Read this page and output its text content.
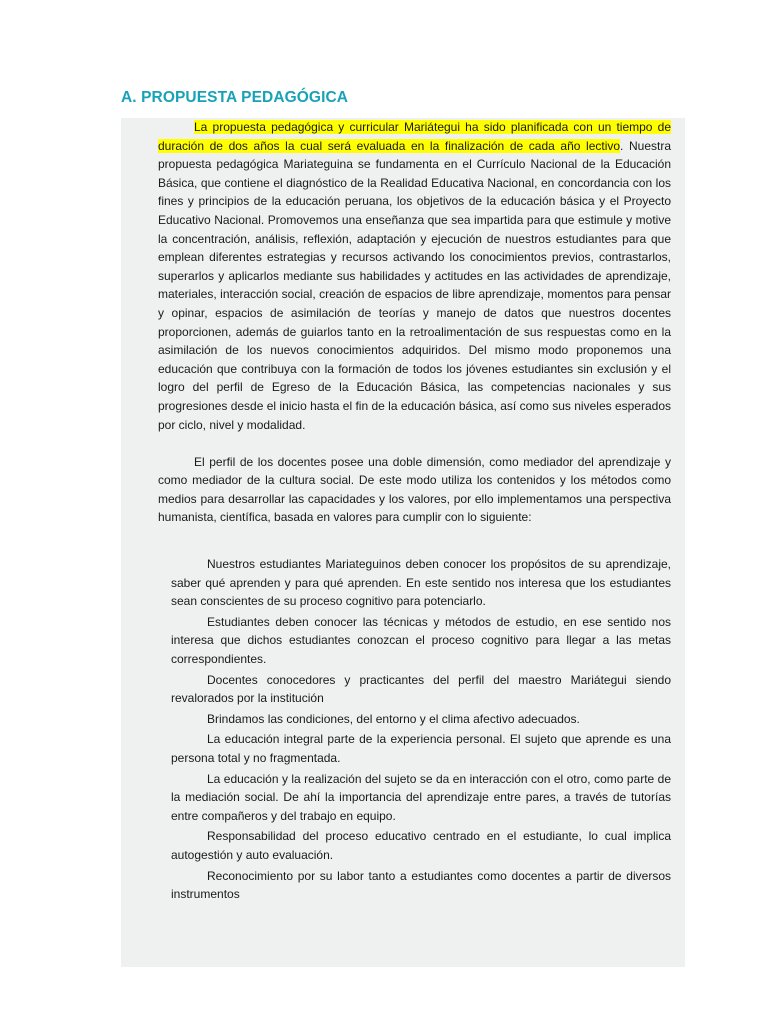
A. PROPUESTA PEDAGÓGICA

La propuesta pedagógica y curricular Mariátegui ha sido planificada con un tiempo de duración de dos años la cual será evaluada en la finalización de cada año lectivo. Nuestra propuesta pedagógica Mariateguina se fundamenta en el Currículo Nacional de la Educación Básica, que contiene el diagnóstico de la Realidad Educativa Nacional, en concordancia con los fines y principios de la educación peruana, los objetivos de la educación básica y el Proyecto Educativo Nacional. Promovemos una enseñanza que sea impartida para que estimule y motive la concentración, análisis, reflexión, adaptación y ejecución de nuestros estudiantes para que emplean diferentes estrategias y recursos activando los conocimientos previos, contrastarlos, superarlos y aplicarlos mediante sus habilidades y actitudes en las actividades de aprendizaje, materiales, interacción social, creación de espacios de libre aprendizaje, momentos para pensar y opinar, espacios de asimilación de teorías y manejo de datos que nuestros docentes proporcionen, además de guiarlos tanto en la retroalimentación de sus respuestas como en la asimilación de los nuevos conocimientos adquiridos. Del mismo modo proponemos una educación que contribuya con la formación de todos los jóvenes estudiantes sin exclusión y el logro del perfil de Egreso de la Educación Básica, las competencias nacionales y sus progresiones desde el inicio hasta el fin de la educación básica, así como sus niveles esperados por ciclo, nivel y modalidad.

El perfil de los docentes posee una doble dimensión, como mediador del aprendizaje y como mediador de la cultura social. De este modo utiliza los contenidos y los métodos como medios para desarrollar las capacidades y los valores, por ello implementamos una perspectiva humanista, científica, basada en valores para cumplir con lo siguiente:

Nuestros estudiantes Mariateguinos deben conocer los propósitos de su aprendizaje, saber qué aprenden y para qué aprenden. En este sentido nos interesa que los estudiantes sean conscientes de su proceso cognitivo para potenciarlo.

Estudiantes deben conocer las técnicas y métodos de estudio, en ese sentido nos interesa que dichos estudiantes conozcan el proceso cognitivo para llegar a las metas correspondientes.

Docentes conocedores y practicantes del perfil del maestro Mariátegui siendo revalorados por la institución

Brindamos las condiciones, del entorno y el clima afectivo adecuados.

La educación integral parte de la experiencia personal. El sujeto que aprende es una persona total y no fragmentada.

La educación y la realización del sujeto se da en interacción con el otro, como parte de la mediación social. De ahí la importancia del aprendizaje entre pares, a través de tutorías entre compañeros y del trabajo en equipo.

Responsabilidad del proceso educativo centrado en el estudiante, lo cual implica autogestión y auto evaluación.

Reconocimiento por su labor tanto a estudiantes como docentes a partir de diversos instrumentos
